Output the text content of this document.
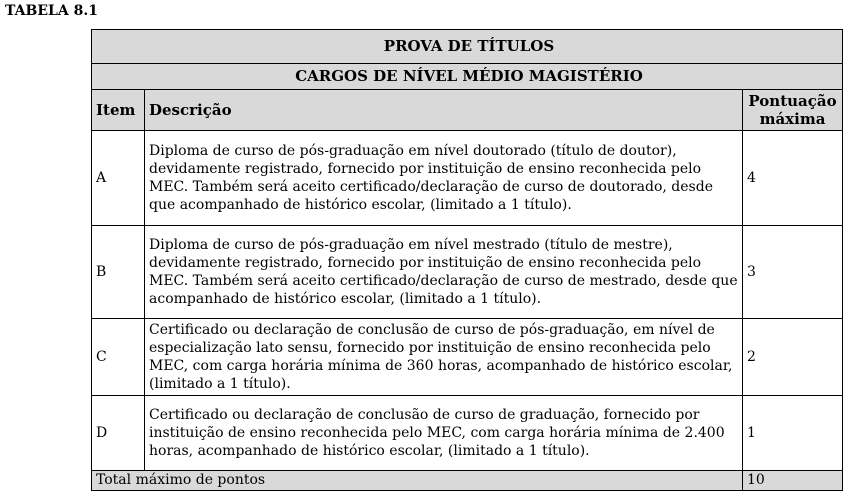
TABELA 8.1
PROVA DE TÍTULOS		
CARGOS DE NÍVEL MÉDIO MAGISTÉRIO		
Item	Descrição	Pontuação máxima
A	Diploma de curso de pós-graduação em nível doutorado (título de doutor), devidamente registrado, fornecido por instituição de ensino reconhecida pelo MEC. Também será aceito certificado/declaração de curso de doutorado, desde que acompanhado de histórico escolar, (limitado a 1 título).	4
B	Diploma de curso de pós-graduação em nível mestrado (título de mestre), devidamente registrado, fornecido por instituição de ensino reconhecida pelo MEC. Também será aceito certificado/declaração de curso de mestrado, desde que acompanhado de histórico escolar, (limitado a 1 título).	3
C	Certificado ou declaração de conclusão de curso de pós-graduação, em nível de especialização lato sensu, fornecido por instituição de ensino reconhecida pelo MEC, com carga horária mínima de 360 horas, acompanhado de histórico escolar, (limitado a 1 título).	2
D	Certificado ou declaração de conclusão de curso de graduação, fornecido por instituição de ensino reconhecida pelo MEC, com carga horária mínima de 2.400 horas, acompanhado de histórico escolar, (limitado a 1 título).	1
Total máximo de pontos		10
